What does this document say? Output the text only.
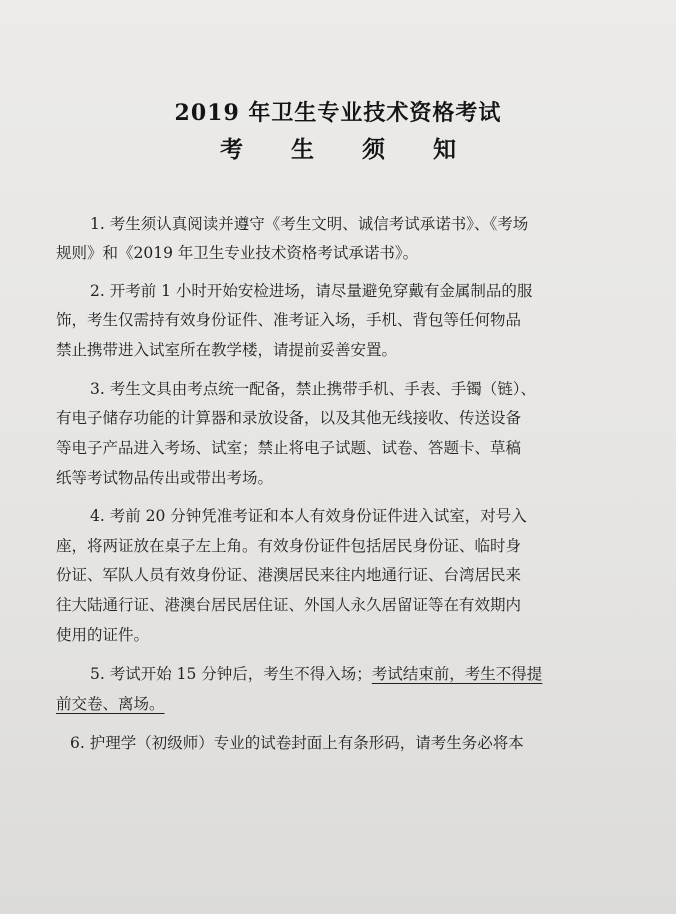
2019 年卫生专业技术资格考试
考 生 须 知
1. 考生须认真阅读并遵守《考生文明、诚信考试承诺书》、《考场
规则》和《2019 年卫生专业技术资格考试承诺书》。
2. 开考前 1 小时开始安检进场，请尽量避免穿戴有金属制品的服
饰，考生仅需持有效身份证件、准考证入场，手机、背包等任何物品
禁止携带进入试室所在教学楼，请提前妥善安置。
3. 考生文具由考点统一配备，禁止携带手机、手表、手镯（链）、
有电子储存功能的计算器和录放设备，以及其他无线接收、传送设备
等电子产品进入考场、试室；禁止将电子试题、试卷、答题卡、草稿
纸等考试物品传出或带出考场。
4. 考前 20 分钟凭准考证和本人有效身份证件进入试室，对号入
座，将两证放在桌子左上角。有效身份证件包括居民身份证、临时身
份证、军队人员有效身份证、港澳居民来往内地通行证、台湾居民来
往大陆通行证、港澳台居民居住证、外国人永久居留证等在有效期内
使用的证件。
5. 考试开始 15 分钟后，考生不得入场；考试结束前，考生不得提
前交卷、离场。
6. 护理学（初级师）专业的试卷封面上有条形码，请考生务必将本
